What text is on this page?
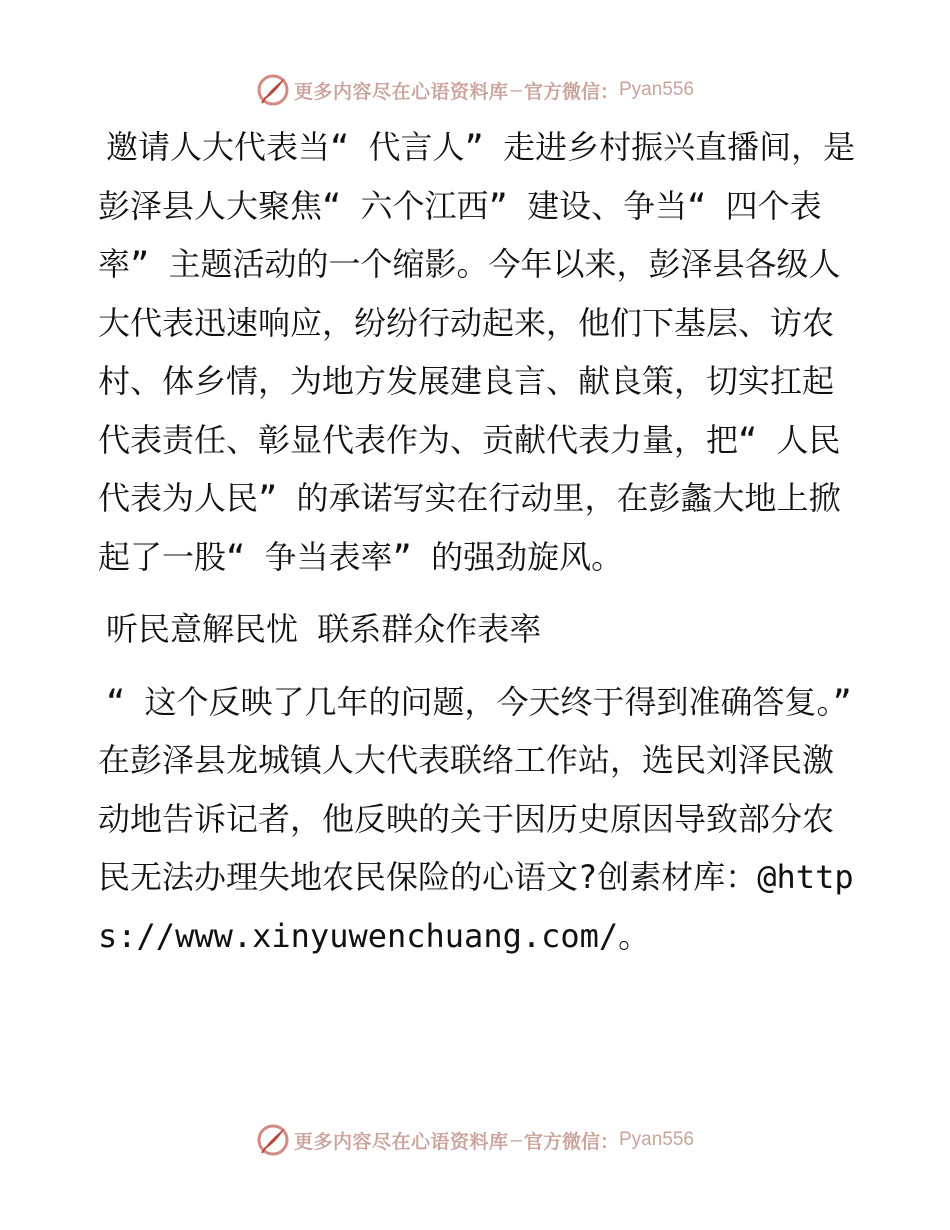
更多内容尽在心语资料库 — 官方微信： Pyan556

邀请人大代表当“ 代言人” 走进乡村振兴直播间，是彭泽县人大聚焦“ 六个江西” 建设、争当“ 四个表率” 主题活动的一个缩影。今年以来，彭泽县各级人大代表迅速响应，纷纷行动起来，他们下基层、访农村、体乡情，为地方发展建良言、献良策，切实扛起代表责任、彰显代表作为、贡献代表力量，把“ 人民代表为人民” 的承诺写实在行动里，在彭蠡大地上掀起了一股“ 争当表率” 的强劲旋风。

听民意解民忧 联系群众作表率

“ 这个反映了几年的问题，今天终于得到准确答复。” 在彭泽县龙城镇人大代表联络工作站，选民刘泽民激动地告诉记者，他反映的关于因历史原因导致部分农民无法办理失地农民保险的心语文?创素材库：@https://www.xinyuwenchuang.com/。

更多内容尽在心语资料库 — 官方微信： Pyan556
